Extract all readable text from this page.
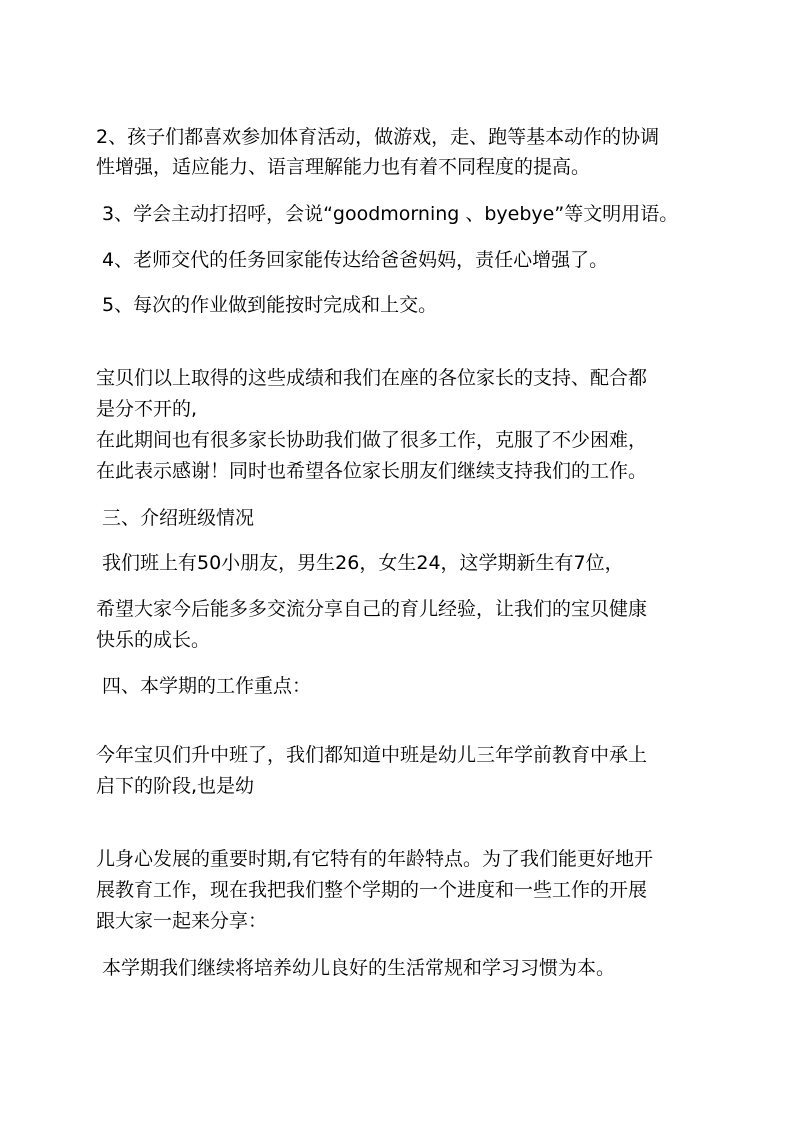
2、孩子们都喜欢参加体育活动，做游戏，走、跑等基本动作的协调
性增强，适应能力、语言理解能力也有着不同程度的提高。
3、学会主动打招呼，会说“goodmorning 、byebye”等文明用语。
4、老师交代的任务回家能传达给爸爸妈妈，责任心增强了。
5、每次的作业做到能按时完成和上交。
宝贝们以上取得的这些成绩和我们在座的各位家长的支持、配合都
是分不开的,
在此期间也有很多家长协助我们做了很多工作，克服了不少困难，
在此表示感谢！同时也希望各位家长朋友们继续支持我们的工作。
三、介绍班级情况
我们班上有50小朋友，男生26，女生24，这学期新生有7位，
希望大家今后能多多交流分享自己的育儿经验，让我们的宝贝健康
快乐的成长。
四、本学期的工作重点：
今年宝贝们升中班了，我们都知道中班是幼儿三年学前教育中承上
启下的阶段,也是幼
儿身心发展的重要时期,有它特有的年龄特点。为了我们能更好地开
展教育工作，现在我把我们整个学期的一个进度和一些工作的开展
跟大家一起来分享：
本学期我们继续将培养幼儿良好的生活常规和学习习惯为本。
